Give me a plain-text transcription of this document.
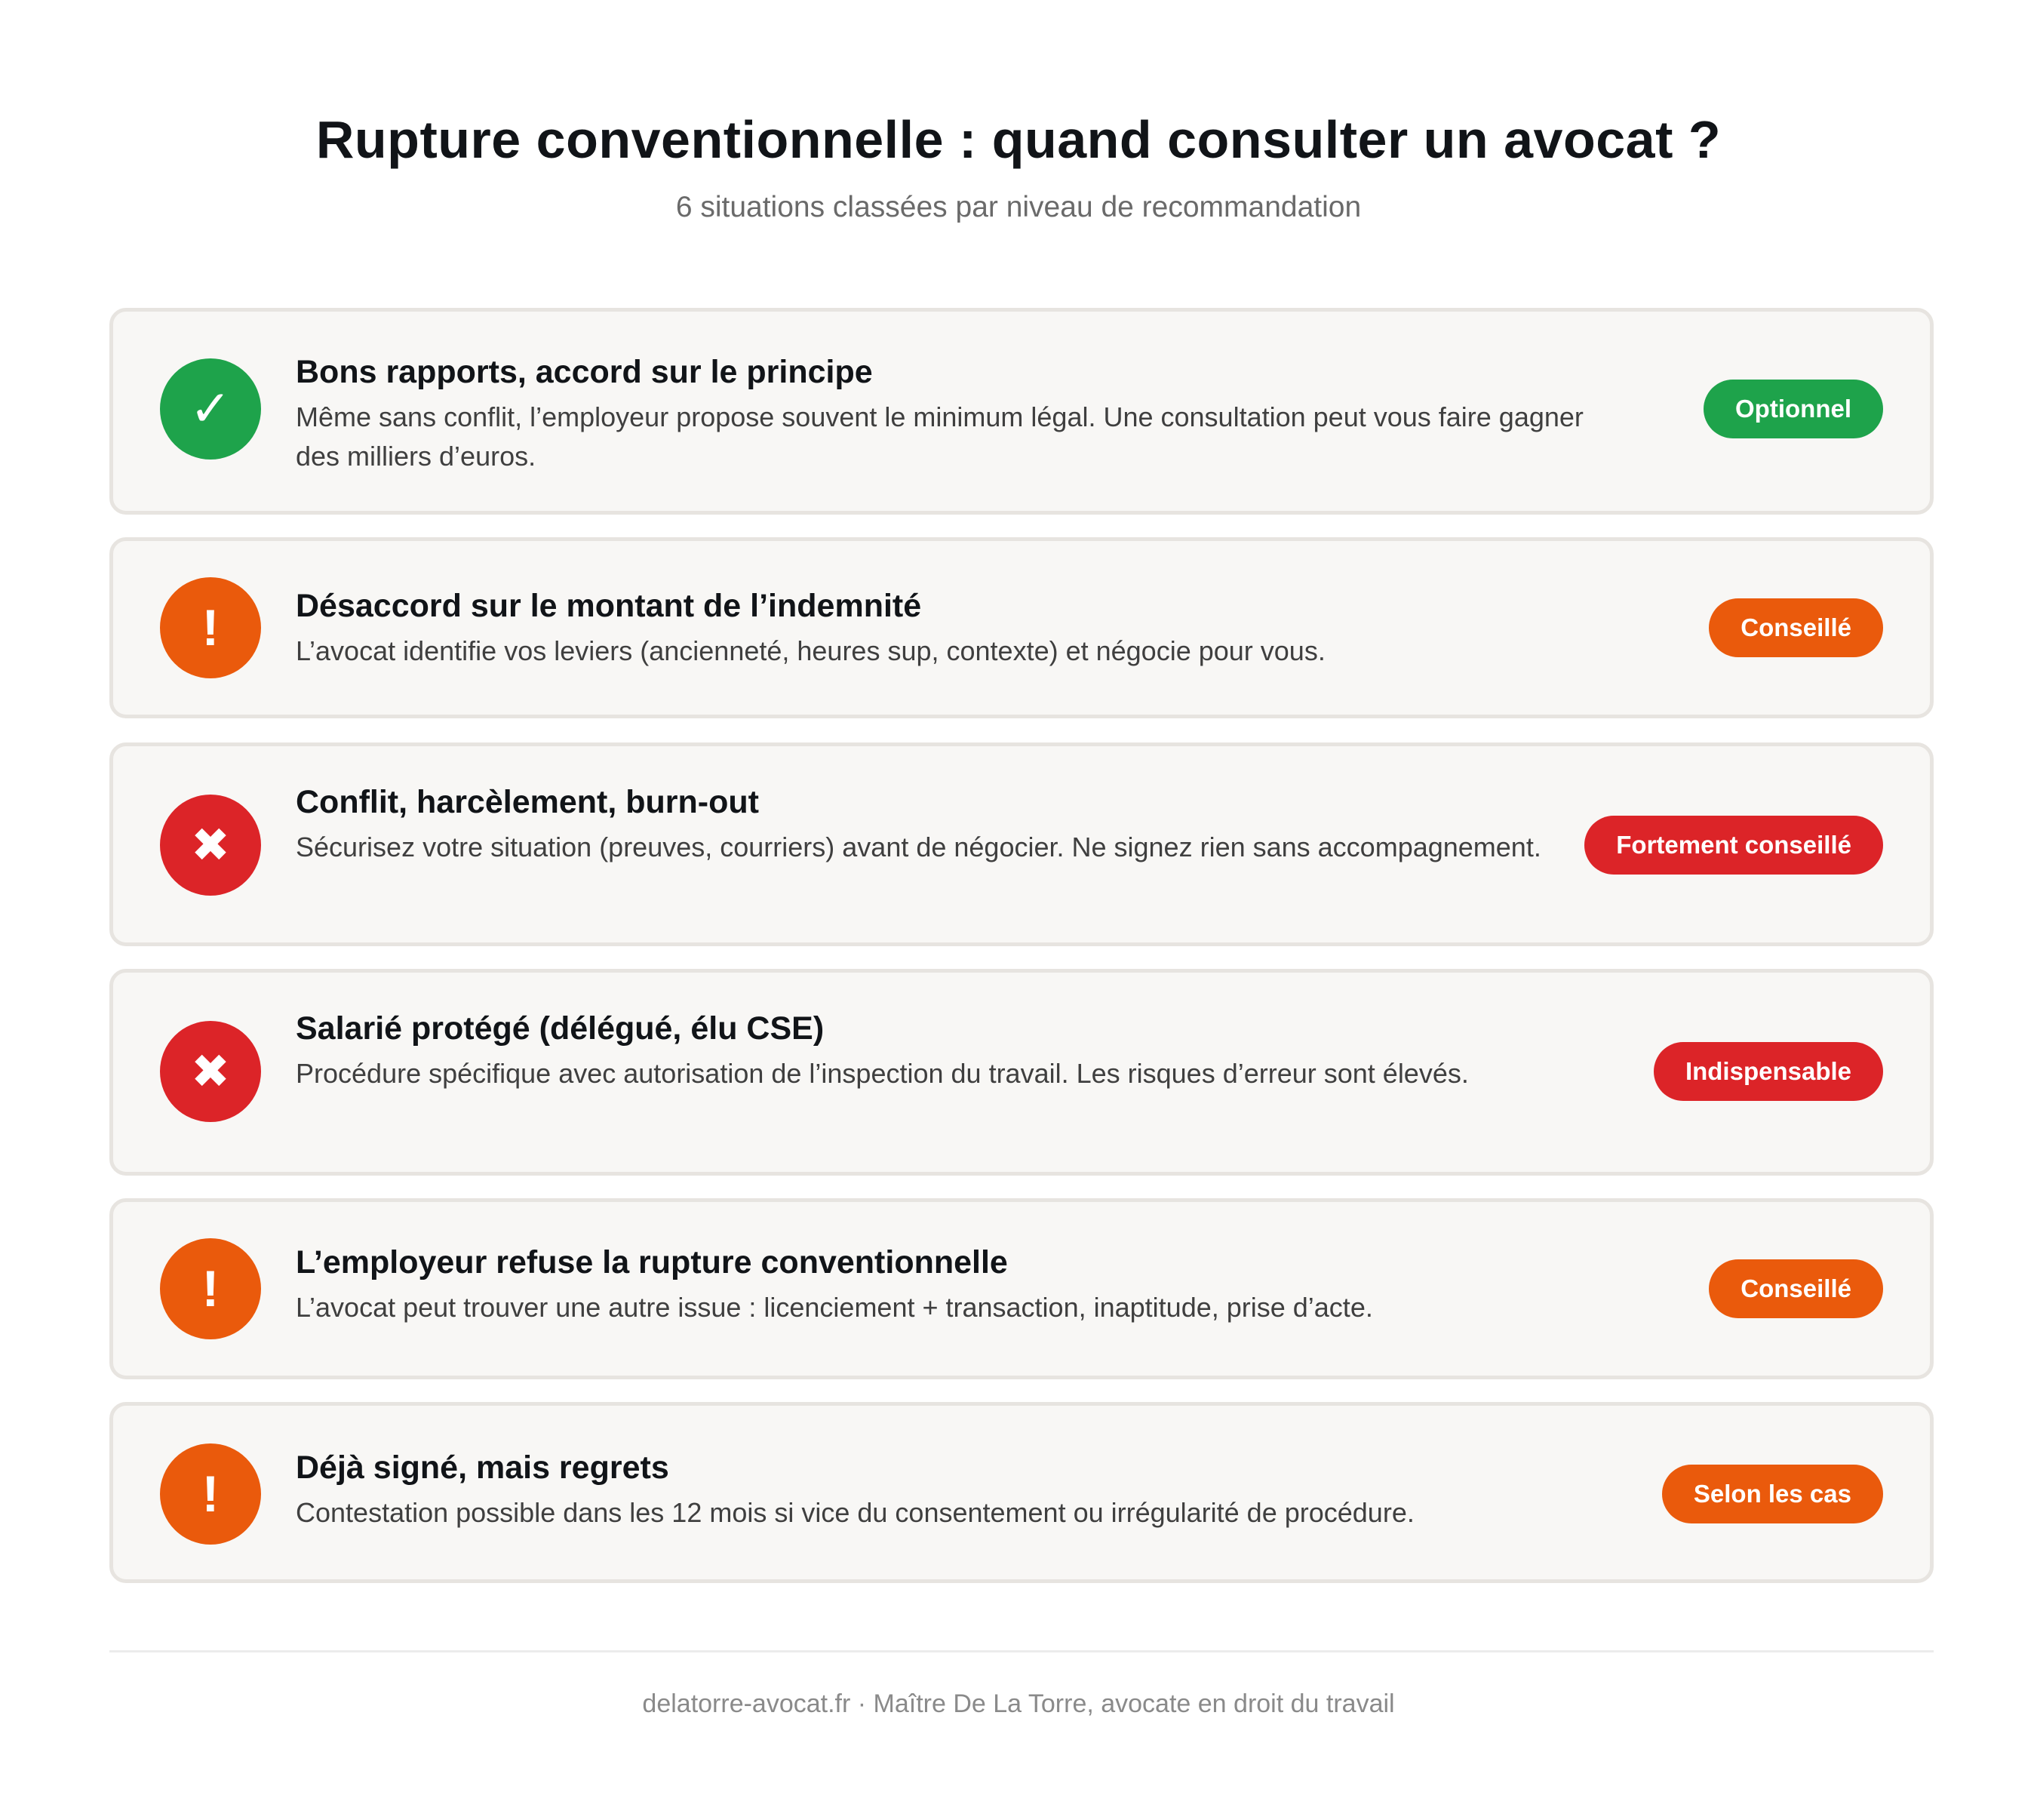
Rupture conventionnelle : quand consulter un avocat ?
6 situations classées par niveau de recommandation
✓

Bons rapports, accord sur le principe

Même sans conflit, l’employeur propose souvent le minimum légal. Une consultation peut vous faire gagner des milliers d’euros.

Optionnel
!	Désaccord sur le montant de l’indemnité

L’avocat identifie vos leviers (ancienneté, heures sup, contexte) et négocie pour vous.

Conseillé
✖

Conflit, harcèlement, burn-out

Sécurisez votre situation (preuves, courriers) avant de négocier. Ne signez rien sans accompagnement.	Fortement conseillé
✖

Salarié protégé (délégué, élu CSE)

Procédure spécifique avec autorisation de l’inspection du travail. Les risques d’erreur sont élevés.	Indispensable
!	L’employeur refuse la rupture conventionnelle

L’avocat peut trouver une autre issue : licenciement + transaction, inaptitude, prise d’acte.

Conseillé
!	Déjà signé, mais regrets

Contestation possible dans les 12 mois si vice du consentement ou irrégularité de procédure.

Selon les cas
delatorre-avocat.fr · Maître De La Torre, avocate en droit du travail
